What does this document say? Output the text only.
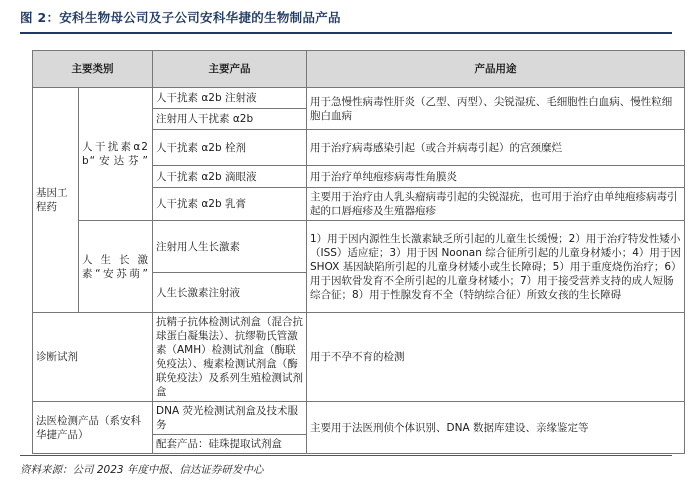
图 2：安科生物母公司及子公司安科华捷的生物制品产品
主要类别		主要产品	产品用途
基因工程药	人干扰素α2b“安达芬”	人干扰素 α2b 注射液	用于急慢性病毒性肝炎（乙型、丙型）、尖锐湿疣、毛细胞性白血病、慢性粒细胞白血病
		注射用人干扰素 α2b	
		人干扰素 α2b 栓剂	用于治疗病毒感染引起（或合并病毒引起）的宫颈糜烂
		人干扰素 α2b 滴眼液	用于治疗单纯疱疹病毒性角膜炎
		人干扰素 α2b 乳膏	主要用于治疗由人乳头瘤病毒引起的尖锐湿疣，也可用于治疗由单纯疱疹病毒引起的口唇疱疹及生殖器疱疹
	人生长激素“安苏萌”	注射用人生长激素	1）用于因内源性生长激素缺乏所引起的儿童生长缓慢；2）用于治疗特发性矮小（ISS）适应症；3）用于因 Noonan 综合征所引起的儿童身材矮小；4）用于因 SHOX 基因缺陷所引起的儿童身材矮小或生长障碍；5）用于重度烧伤治疗；6）用于因软骨发育不全所引起的儿童身材矮小；7）用于接受营养支持的成人短肠综合征；8）用于性腺发育不全（特纳综合征）所致女孩的生长障碍
		人生长激素注射液	
诊断试剂		抗精子抗体检测试剂盒（混合抗球蛋白凝集法）、抗缪勒氏管激素（AMH）检测试剂盒（酶联免疫法）、瘦素检测试剂盒（酶联免疫法）及系列生殖检测试剂盒	用于不孕不育的检测
法医检测产品（系安科华捷产品）		DNA 荧光检测试剂盒及技术服务	主要用于法医刑侦个体识别、DNA 数据库建设、亲缘鉴定等
		配套产品：硅珠提取试剂盒	
资料来源：公司 2023 年度中报、信达证券研发中心
